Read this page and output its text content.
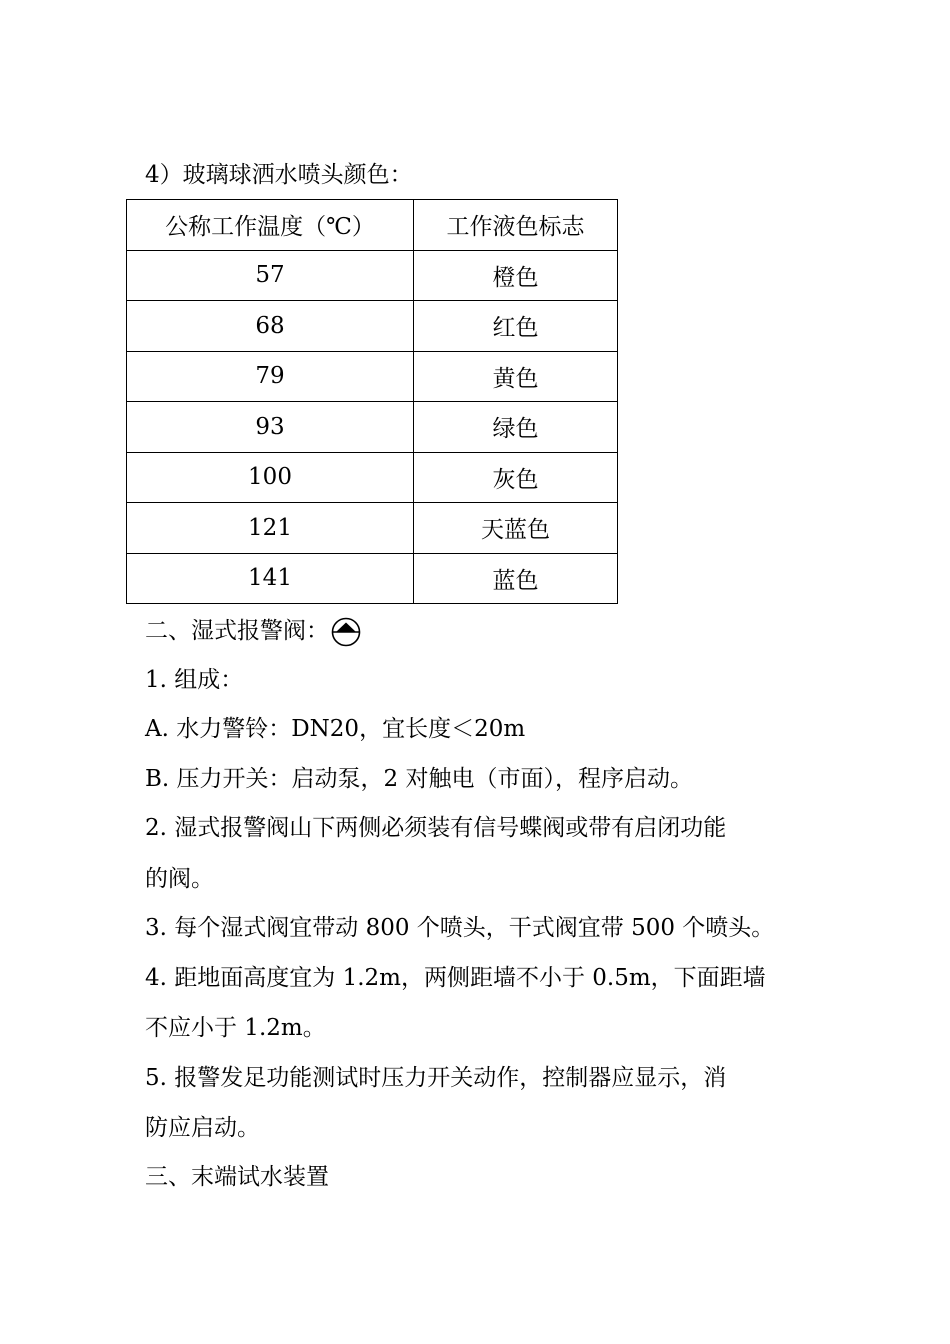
4）玻璃球洒水喷头颜色：
公称工作温度（℃）	工作液色标志
57	橙色
68	红色
79	黄色
93	绿色
100	灰色
121	天蓝色
141	蓝色
二、湿式报警阀：
1. 组成：
A. 水力警铃：DN20，宜长度＜20m
B. 压力开关：启动泵，2 对触电（市面），程序启动。
2. 湿式报警阀山下两侧必须装有信号蝶阀或带有启闭功能
的阀。
3. 每个湿式阀宜带动 800 个喷头，干式阀宜带 500 个喷头。
4. 距地面高度宜为 1.2m，两侧距墙不小于 0.5m，下面距墙
不应小于 1.2m。
5. 报警发足功能测试时压力开关动作，控制器应显示，消
防应启动。
三、末端试水装置
